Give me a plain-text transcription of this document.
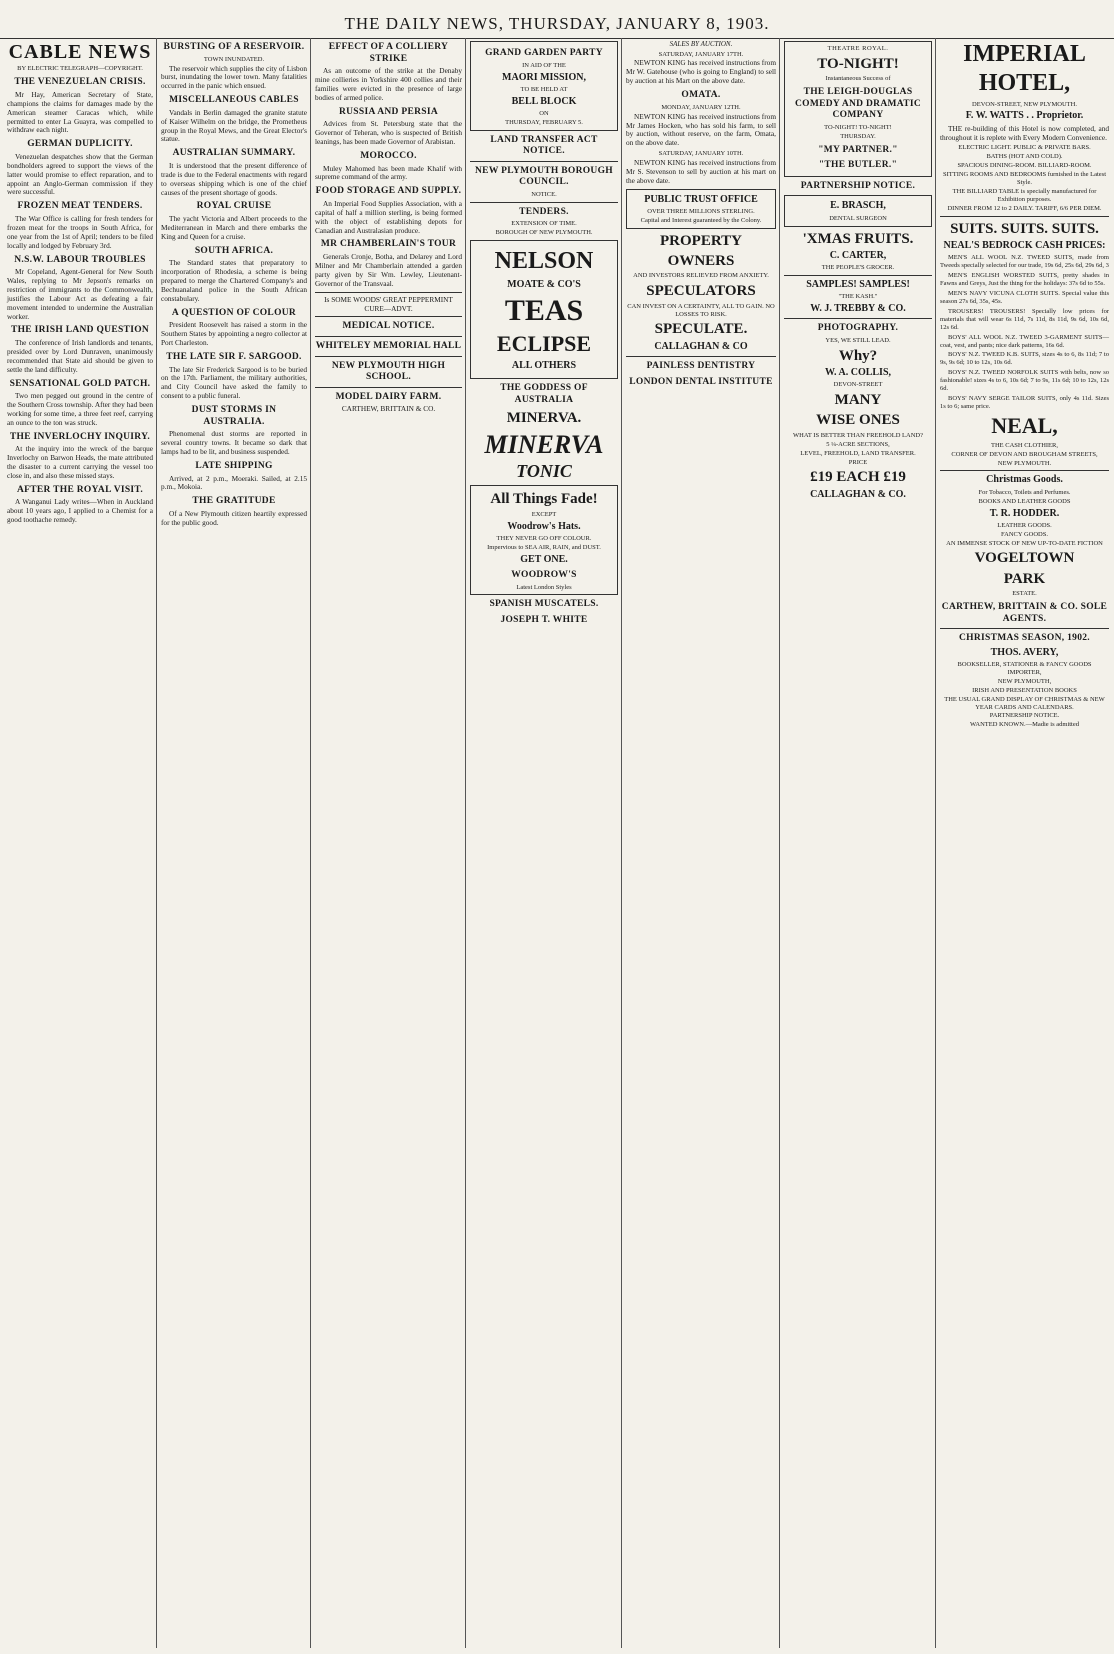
THE DAILY NEWS, THURSDAY, JANUARY 8, 1903.
CABLE NEWS
BY ELECTRIC TELEGRAPH—COPYRIGHT.
THE VENEZUELAN CRISIS.

Mr Hay, American Secretary of State, champions the claims for damages made by the American steamer Caracas which, while permitted to enter La Guayra, was compelled to withdraw each night.

GERMAN DUPLICITY.

Venezuelan despatches show that the German bondholders agreed to support the views of the latter would promise to effect reparation, and to appoint an Anglo-German commission if they were successful.

FROZEN MEAT TENDERS.

The War Office is calling for fresh tenders for frozen meat for the troops in South Africa, for one year from the 1st of April; tenders to be filed locally and lodged by February 3rd.

N.S.W. LABOUR TROUBLES

Mr Copeland, Agent-General for New South Wales, replying to Mr Jepson's remarks on restriction of immigrants to the Commonwealth, justifies the Labour Act as defeating a fair movement intended to undermine the Australian worker.

THE IRISH LAND QUESTION

The conference of Irish landlords and tenants, presided over by Lord Dunraven, unanimously recommended that State aid should be given to settle the land difficulty.

SENSATIONAL GOLD PATCH.

Two men pegged out ground in the centre of the Southern Cross township. After they had been working for some time, a three feet reef, carrying an ounce to the ton was struck.

THE INVERLOCHY INQUIRY.

At the inquiry into the wreck of the barque Inverlochy on Barwon Heads, the mate attributed the disaster to a current carrying the vessel too close in, and also these missed stays.

AFTER THE ROYAL VISIT.

A Wanganui Lady writes—When in Auckland about 10 years ago, I applied to a Chemist for a good toothache remedy.

BURSTING OF A RESERVOIR.
TOWN INUNDATED.

The reservoir which supplies the city of Lisbon burst, inundating the lower town. Many fatalities occurred in the panic which ensued.

MISCELLANEOUS CABLES

Vandals in Berlin damaged the granite statute of Kaiser Wilhelm on the bridge, the Prometheus group in the Royal Mews, and the Great Elector's statue.

AUSTRALIAN SUMMARY.

It is understood that the present difference of trade is due to the Federal enactments with regard to overseas shipping which is one of the chief causes of the present shortage of goods.

ROYAL CRUISE

The yacht Victoria and Albert proceeds to the Mediterranean in March and there embarks the King and Queen for a cruise.

SOUTH AFRICA.

The Standard states that preparatory to incorporation of Rhodesia, a scheme is being prepared to merge the Chartered Company's and Bechuanaland police in the South African constabulary.

A QUESTION OF COLOUR

President Roosevelt has raised a storm in the Southern States by appointing a negro collector at Port Charleston.

THE LATE SIR F. SARGOOD.

The late Sir Frederick Sargood is to be buried on the 17th. Parliament, the military authorities, and City Council have asked the family to consent to a public funeral.

DUST STORMS IN AUSTRALIA.

Phenomenal dust storms are reported in several country towns. It became so dark that lamps had to be lit, and business suspended.

LATE SHIPPING

Arrived, at 2 p.m., Moeraki. Sailed, at 2.15 p.m., Mokoia.

THE GRATITUDE

Of a New Plymouth citizen heartily expressed for the public good.

EFFECT OF A COLLIERY STRIKE

As an outcome of the strike at the Denaby mine collieries in Yorkshire 400 collies and their families were evicted in the presence of large bodies of armed police.

RUSSIA AND PERSIA

Advices from St. Petersburg state that the Governor of Teheran, who is suspected of British leanings, has been made Governor of Arabistan.

MOROCCO.

Muley Mahomed has been made Khalif with supreme command of the army.

FOOD STORAGE AND SUPPLY.

An Imperial Food Supplies Association, with a capital of half a million sterling, is being formed with the object of establishing depots for Canadian and Australasian produce.

MR CHAMBERLAIN'S TOUR

Generals Cronje, Botha, and Delarey and Lord Milner and Mr Chamberlain attended a garden party given by Sir Wm. Lewley, Lieutenant-Governor of the Transvaal.

Is SOME WOODS' GREAT PEPPERMINT CURE—ADVT.
MEDICAL NOTICE.
WHITELEY MEMORIAL HALL
NEW PLYMOUTH HIGH SCHOOL.
MODEL DAIRY FARM.
CARTHEW, BRITTAIN & CO.
GRAND GARDEN PARTY
IN AID OF THE
MAORI MISSION,
TO BE HELD AT
BELL BLOCK
ON
THURSDAY, FEBRUARY 5.
LAND TRANSFER ACT NOTICE.
NEW PLYMOUTH BOROUGH COUNCIL.
NOTICE.
TENDERS.
EXTENSION OF TIME.
BOROUGH OF NEW PLYMOUTH.
NELSON
MOATE & CO'S
TEAS
ECLIPSE
ALL OTHERS
THE GODDESS OF AUSTRALIA
MINERVA.
MINERVA
TONIC
All Things Fade!
EXCEPT
Woodrow's Hats.
THEY NEVER GO OFF COLOUR.
Impervious to SEA AIR, RAIN, and DUST.
GET ONE.
WOODROW'S
Latest London Styles
SPANISH MUSCATELS.
JOSEPH T. WHITE
SALES BY AUCTION.
SATURDAY, JANUARY 17TH.

NEWTON KING has received instructions from Mr W. Gatehouse (who is going to England) to sell by auction at his Mart on the above date.

OMATA.
MONDAY, JANUARY 12TH.

NEWTON KING has received instructions from Mr James Hocken, who has sold his farm, to sell by auction, without reserve, on the farm, Omata, on the above date.

SATURDAY, JANUARY 10TH.

NEWTON KING has received instructions from Mr S. Stevenson to sell by auction at his mart on the above date.

PUBLIC TRUST OFFICE
OVER THREE MILLIONS STERLING.
Capital and Interest guaranteed by the Colony.
PROPERTY
OWNERS
AND INVESTORS RELIEVED FROM ANXIETY.
SPECULATORS
CAN INVEST ON A CERTAINTY, ALL TO GAIN. NO LOSSES TO RISK.
SPECULATE.
CALLAGHAN & CO
PAINLESS DENTISTRY
LONDON DENTAL INSTITUTE
THEATRE ROYAL.
TO-NIGHT!
Instantaneous Success of
THE LEIGH-DOUGLAS COMEDY AND DRAMATIC COMPANY
TO-NIGHT! TO-NIGHT!
THURSDAY.
"MY PARTNER."
"THE BUTLER."
PARTNERSHIP NOTICE.
E. BRASCH,
DENTAL SURGEON
'XMAS FRUITS.
C. CARTER,
THE PEOPLE'S GROCER.
SAMPLES! SAMPLES!
"THE KASH."
W. J. TREBBY & CO.
PHOTOGRAPHY.
YES, WE STILL LEAD.
Why?
W. A. COLLIS,
DEVON-STREET
MANY
WISE ONES
WHAT IS BETTER THAN FREEHOLD LAND?
5 ¼-ACRE SECTIONS,
LEVEL, FREEHOLD, LAND TRANSFER.
PRICE
£19 EACH £19
CALLAGHAN & CO.
IMPERIAL HOTEL,
DEVON-STREET, NEW PLYMOUTH.
F. W. WATTS . . Proprietor.

THE re-building of this Hotel is now completed, and throughout it is replete with Every Modern Convenience.

ELECTRIC LIGHT. PUBLIC & PRIVATE BARS.
BATHS (HOT AND COLD).
SPACIOUS DINING-ROOM. BILLIARD-ROOM.
SITTING ROOMS AND BEDROOMS furnished in the Latest Style.
THE BILLIARD TABLE is specially manufactured for Exhibition purposes.
DINNER FROM 12 to 2 DAILY. TARIFF, 6/6 PER DIEM.
SUITS. SUITS. SUITS.
NEAL'S BEDROCK CASH PRICES:

MEN'S ALL WOOL N.Z. TWEED SUITS, made from Tweeds specially selected for our trade, 19s 6d, 25s 6d, 29s 6d, 3

MEN'S ENGLISH WORSTED SUITS, pretty shades in Fawns and Greys, Just the thing for the holidays: 37s 6d to 55s.

MEN'S NAVY VICUNA CLOTH SUITS. Special value this season 27s 6d, 35s, 45s.

TROUSERS! TROUSERS! Specially low prices for materials that will wear 6s 11d, 7s 11d, 8s 11d, 9s 6d, 10s 6d, 12s 6d.

BOYS' ALL WOOL N.Z. TWEED 3-GARMENT SUITS—coat, vest, and pants; nice dark patterns, 16s 6d.

BOYS' N.Z. TWEED K.B. SUITS, sizes 4s to 6, 8s 11d; 7 to 9s, 9s 6d; 10 to 12s, 10s 6d.

BOYS' N.Z. TWEED NORFOLK SUITS with belts, now so fashionable! sizes 4s to 6, 10s 6d; 7 to 9s, 11s 6d; 10 to 12s, 12s 6d.

BOYS' NAVY SERGE TAILOR SUITS, only 4s 11d. Sizes 1s to 6; same price.

NEAL,
THE CASH CLOTHIER,
CORNER OF DEVON AND BROUGHAM STREETS,
NEW PLYMOUTH.
Christmas Goods.
For Tobacco, Toilets and Perfumes.
BOOKS AND LEATHER GOODS
T. R. HODDER.
LEATHER GOODS.
FANCY GOODS.
AN IMMENSE STOCK OF NEW UP-TO-DATE FICTION
VOGELTOWN
PARK
ESTATE.
CARTHEW, BRITTAIN & CO. SOLE AGENTS.
CHRISTMAS SEASON, 1902.
THOS. AVERY,
BOOKSELLER, STATIONER & FANCY GOODS IMPORTER,
NEW PLYMOUTH,
IRISH AND PRESENTATION BOOKS
THE USUAL GRAND DISPLAY OF CHRISTMAS & NEW YEAR CARDS AND CALENDARS.
PARTNERSHIP NOTICE.
WANTED KNOWN.—Madie is admitted
